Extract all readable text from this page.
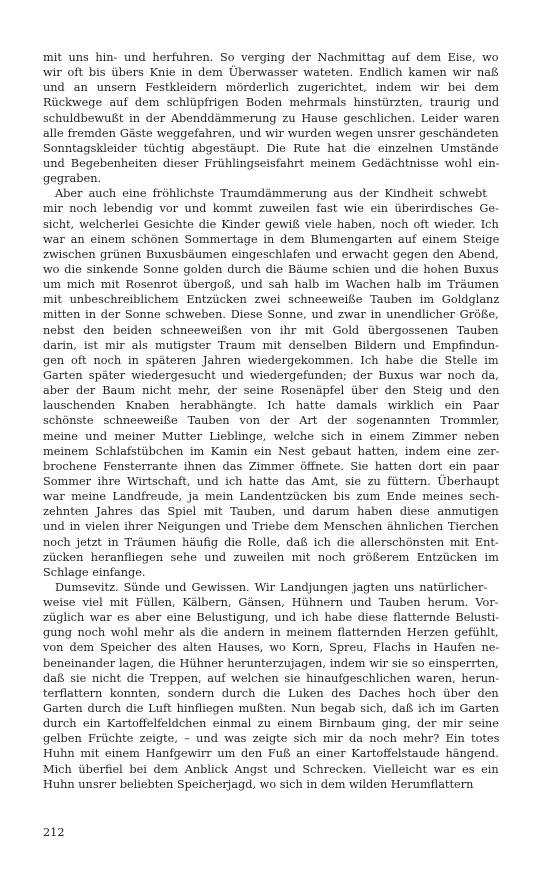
mit uns hin- und herfuhren. So verging der Nachmittag auf dem Eise, wo
wir oft bis übers Knie in dem Überwasser wateten. Endlich kamen wir naß
und an unsern Festkleidern mörderlich zugerichtet, indem wir bei dem
Rückwege auf dem schlüpfrigen Boden mehrmals hinstürzten, traurig und
schuldbewußt in der Abenddämmerung zu Hause geschlichen. Leider waren
alle fremden Gäste weggefahren, und wir wurden wegen unsrer geschändeten
Sonntagskleider tüchtig abgestäupt. Die Rute hat die einzelnen Umstände
und Begebenheiten dieser Frühlingseisfahrt meinem Gedächtnisse wohl ein-
gegraben.
Aber auch eine fröhlichste Traumdämmerung aus der Kindheit schwebt
mir noch lebendig vor und kommt zuweilen fast wie ein überirdisches Ge-
sicht, welcherlei Gesichte die Kinder gewiß viele haben, noch oft wieder. Ich
war an einem schönen Sommertage in dem Blumengarten auf einem Steige
zwischen grünen Buxusbäumen eingeschlafen und erwacht gegen den Abend,
wo die sinkende Sonne golden durch die Bäume schien und die hohen Buxus
um mich mit Rosenrot übergoß, und sah halb im Wachen halb im Träumen
mit unbeschreiblichem Entzücken zwei schneeweiße Tauben im Goldglanz
mitten in der Sonne schweben. Diese Sonne, und zwar in unendlicher Größe,
nebst den beiden schneeweißen von ihr mit Gold übergossenen Tauben
darin, ist mir als mutigster Traum mit denselben Bildern und Empfindun-
gen oft noch in späteren Jahren wiedergekommen. Ich habe die Stelle im
Garten später wiedergesucht und wiedergefunden; der Buxus war noch da,
aber der Baum nicht mehr, der seine Rosenäpfel über den Steig und den
lauschenden Knaben herabhängte. Ich hatte damals wirklich ein Paar
schönste schneeweiße Tauben von der Art der sogenannten Trommler,
meine und meiner Mutter Lieblinge, welche sich in einem Zimmer neben
meinem Schlafstübchen im Kamin ein Nest gebaut hatten, indem eine zer-
brochene Fensterrante ihnen das Zimmer öffnete. Sie hatten dort ein paar
Sommer ihre Wirtschaft, und ich hatte das Amt, sie zu füttern. Überhaupt
war meine Landfreude, ja mein Landentzücken bis zum Ende meines sech-
zehnten Jahres das Spiel mit Tauben, und darum haben diese anmutigen
und in vielen ihrer Neigungen und Triebe dem Menschen ähnlichen Tierchen
noch jetzt in Träumen häufig die Rolle, daß ich die allerschönsten mit Ent-
zücken heranfliegen sehe und zuweilen mit noch größerem Entzücken im
Schlage einfange.
Dumsevitz. Sünde und Gewissen. Wir Landjungen jagten uns natürlicher-
weise viel mit Füllen, Kälbern, Gänsen, Hühnern und Tauben herum. Vor-
züglich war es aber eine Belustigung, und ich habe diese flatternde Belusti-
gung noch wohl mehr als die andern in meinem flatternden Herzen gefühlt,
von dem Speicher des alten Hauses, wo Korn, Spreu, Flachs in Haufen ne-
beneinander lagen, die Hühner herunterzujagen, indem wir sie so einsperrten,
daß sie nicht die Treppen, auf welchen sie hinaufgeschlichen waren, herun-
terflattern konnten, sondern durch die Luken des Daches hoch über den
Garten durch die Luft hinfliegen mußten. Nun begab sich, daß ich im Garten
durch ein Kartoffelfeldchen einmal zu einem Birnbaum ging, der mir seine
gelben Früchte zeigte, – und was zeigte sich mir da noch mehr? Ein totes
Huhn mit einem Hanfgewirr um den Fuß an einer Kartoffelstaude hängend.
Mich überfiel bei dem Anblick Angst und Schrecken. Vielleicht war es ein
Huhn unsrer beliebten Speicherjagd, wo sich in dem wilden Herumflattern
212
